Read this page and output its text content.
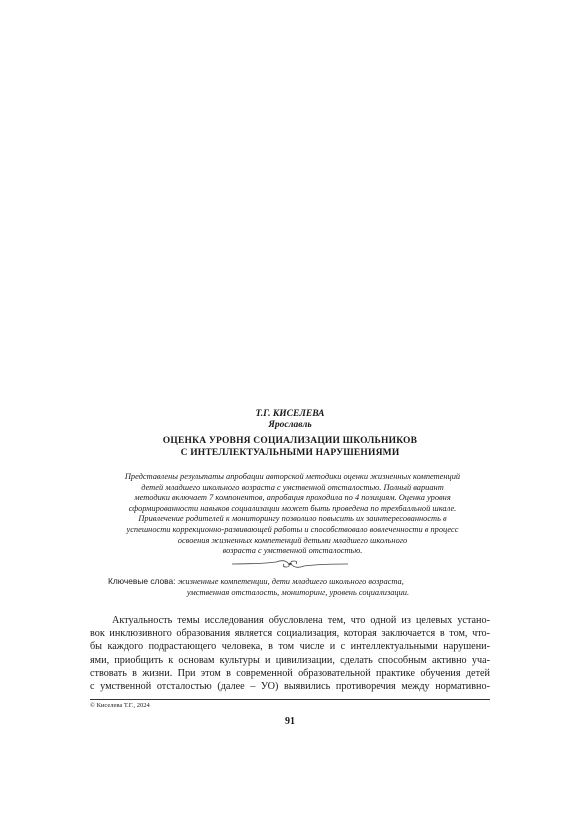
Т.Г. КИСЕЛЕВА
Ярославль
ОЦЕНКА УРОВНЯ СОЦИАЛИЗАЦИИ ШКОЛЬНИКОВ
С ИНТЕЛЛЕКТУАЛЬНЫМИ НАРУШЕНИЯМИ
Представлены результаты апробации авторской методики оценки жизненных компетенций
детей младшего школьного возраста с умственной отсталостью. Полный вариант
методики включает 7 компонентов, апробация проходила по 4 позициям. Оценка уровня
сформированности навыков социализации может быть проведена по трехбалльной шкале.
Привлечение родителей к мониторингу позволило повысить их заинтересованность в
успешности коррекционно-развивающей работы и способствовало вовлеченности в процесс
освоения жизненных компетенций детьми младшего школьного
возраста с умственной отсталостью.
Ключевые слова: жизненные компетенции, дети младшего школьного возраста,
умственная отсталость, мониторинг, уровень социализации.
Актуальность темы исследования обусловлена тем, что одной из целевых устано-
вок инклюзивного образования является социализация, которая заключается в том, что-
бы каждого подрастающего человека, в том числе и с интеллектуальными нарушени-
ями, приобщить к основам культуры и цивилизации, сделать способным активно уча-
ствовать в жизни. При этом в современной образовательной практике обучения детей
с умственной отсталостью (далее – УО) выявились противоречия между нормативно-
© Киселева Т.Г., 2024
91
